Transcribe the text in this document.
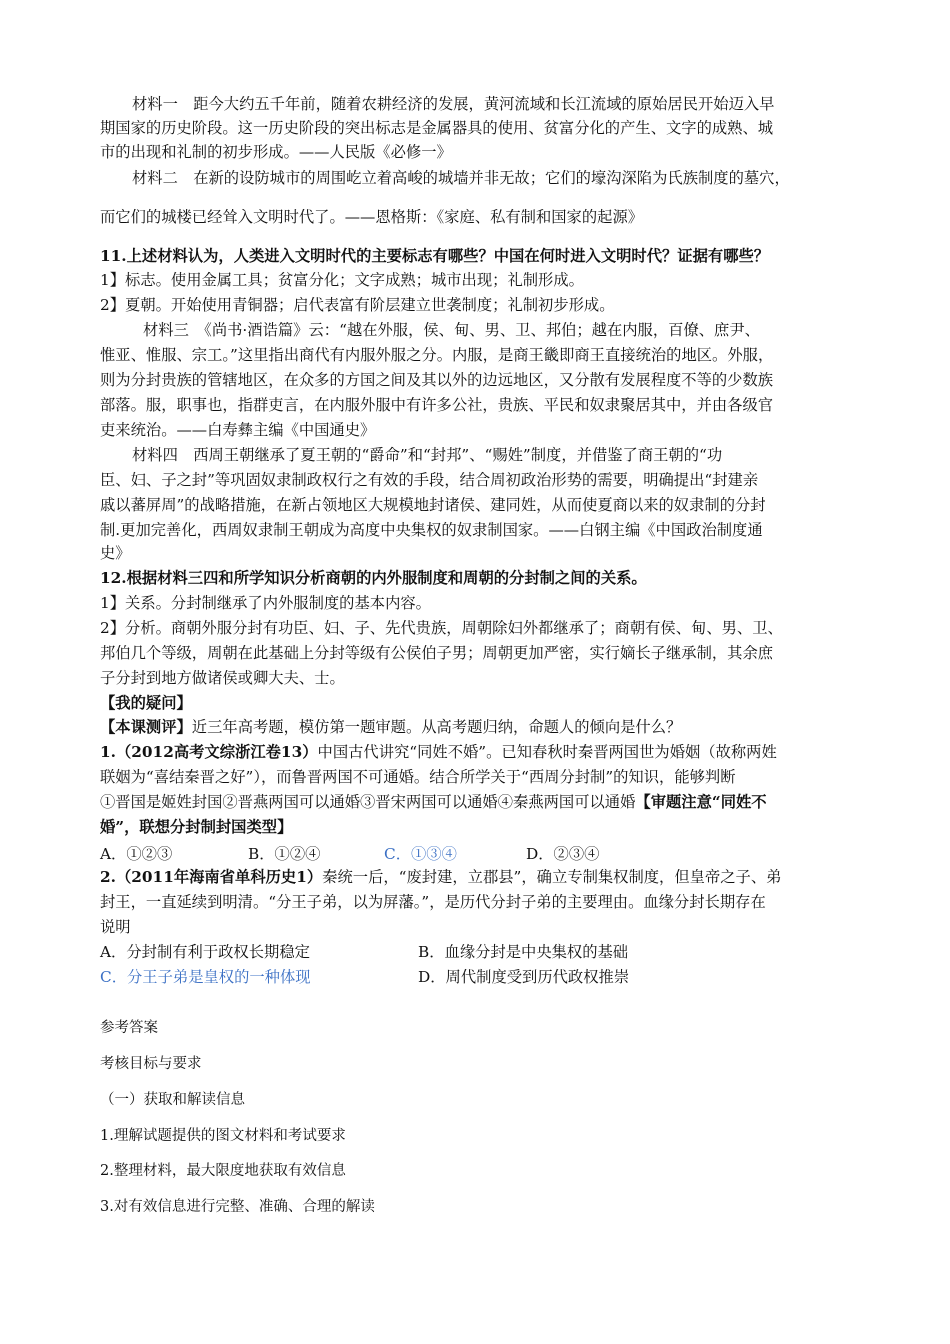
材料一　距今大约五千年前，随着农耕经济的发展，黄河流域和长江流域的原始居民开始迈入早
期国家的历史阶段。这一历史阶段的突出标志是金属器具的使用、贫富分化的产生、文字的成熟、城
市的出现和礼制的初步形成。——人民版《必修一》
材料二　在新的设防城市的周围屹立着高峻的城墙并非无故；它们的壕沟深陷为氏族制度的墓穴，
而它们的城楼已经耸入文明时代了。——恩格斯：《家庭、私有制和国家的起源》
11.上述材料认为，人类进入文明时代的主要标志有哪些？中国在何时进入文明时代？证据有哪些？
1】标志。使用金属工具；贫富分化；文字成熟；城市出现；礼制形成。
2】夏朝。开始使用青铜器；启代表富有阶层建立世袭制度；礼制初步形成。
材料三　《尚书·酒诰篇》云：“越在外服，侯、甸、男、卫、邦伯；越在内服，百僚、庶尹、
惟亚、惟服、宗工。”这里指出商代有内服外服之分。内服，是商王畿即商王直接统治的地区。外服，
则为分封贵族的管辖地区，在众多的方国之间及其以外的边远地区，又分散有发展程度不等的少数族
部落。服，职事也，指群吏言，在内服外服中有许多公社，贵族、平民和奴隶聚居其中，并由各级官
吏来统治。——白寿彝主编《中国通史》
材料四　西周王朝继承了夏王朝的“爵命”和“封邦”、“赐姓”制度，并借鉴了商王朝的“功
臣、妇、子之封”等巩固奴隶制政权行之有效的手段，结合周初政治形势的需要，明确提出“封建亲
戚以蕃屏周”的战略措施，在新占领地区大规模地封诸侯、建同姓，从而使夏商以来的奴隶制的分封
制.更加完善化，西周奴隶制王朝成为高度中央集权的奴隶制国家。——白钢主编《中国政治制度通
史》
12.根据材料三四和所学知识分析商朝的内外服制度和周朝的分封制之间的关系。
1】关系。分封制继承了内外服制度的基本内容。
2】分析。商朝外服分封有功臣、妇、子、先代贵族，周朝除妇外都继承了；商朝有侯、甸、男、卫、
邦伯几个等级，周朝在此基础上分封等级有公侯伯子男；周朝更加严密，实行嫡长子继承制，其余庶
子分封到地方做诸侯或卿大夫、士。
【我的疑问】
【本课测评】近三年高考题，模仿第一题审题。从高考题归纳，命题人的倾向是什么？
1.（2012高考文综浙江卷13）中国古代讲究“同姓不婚”。已知春秋时秦晋两国世为婚姻（故称两姓
联姻为“喜结秦晋之好”），而鲁晋两国不可通婚。结合所学关于“西周分封制”的知识，能够判断
①晋国是姬姓封国②晋燕两国可以通婚③晋宋两国可以通婚④秦燕两国可以通婚【审题注意“同姓不
婚”，联想分封制封国类型】
A．①②③	B．①②④	C．①③④	D．②③④
2.（2011年海南省单科历史1）秦统一后，“废封建，立郡县”，确立专制集权制度，但皇帝之子、弟
封王，一直延续到明清。“分王子弟，以为屏藩。”，是历代分封子弟的主要理由。血缘分封长期存在
说明
A．分封制有利于政权长期稳定	B．血缘分封是中央集权的基础
C．分王子弟是皇权的一种体现	D．周代制度受到历代政权推崇
参考答案
考核目标与要求
（一）获取和解读信息
1.理解试题提供的图文材料和考试要求
2.整理材料，最大限度地获取有效信息
3.对有效信息进行完整、准确、合理的解读
